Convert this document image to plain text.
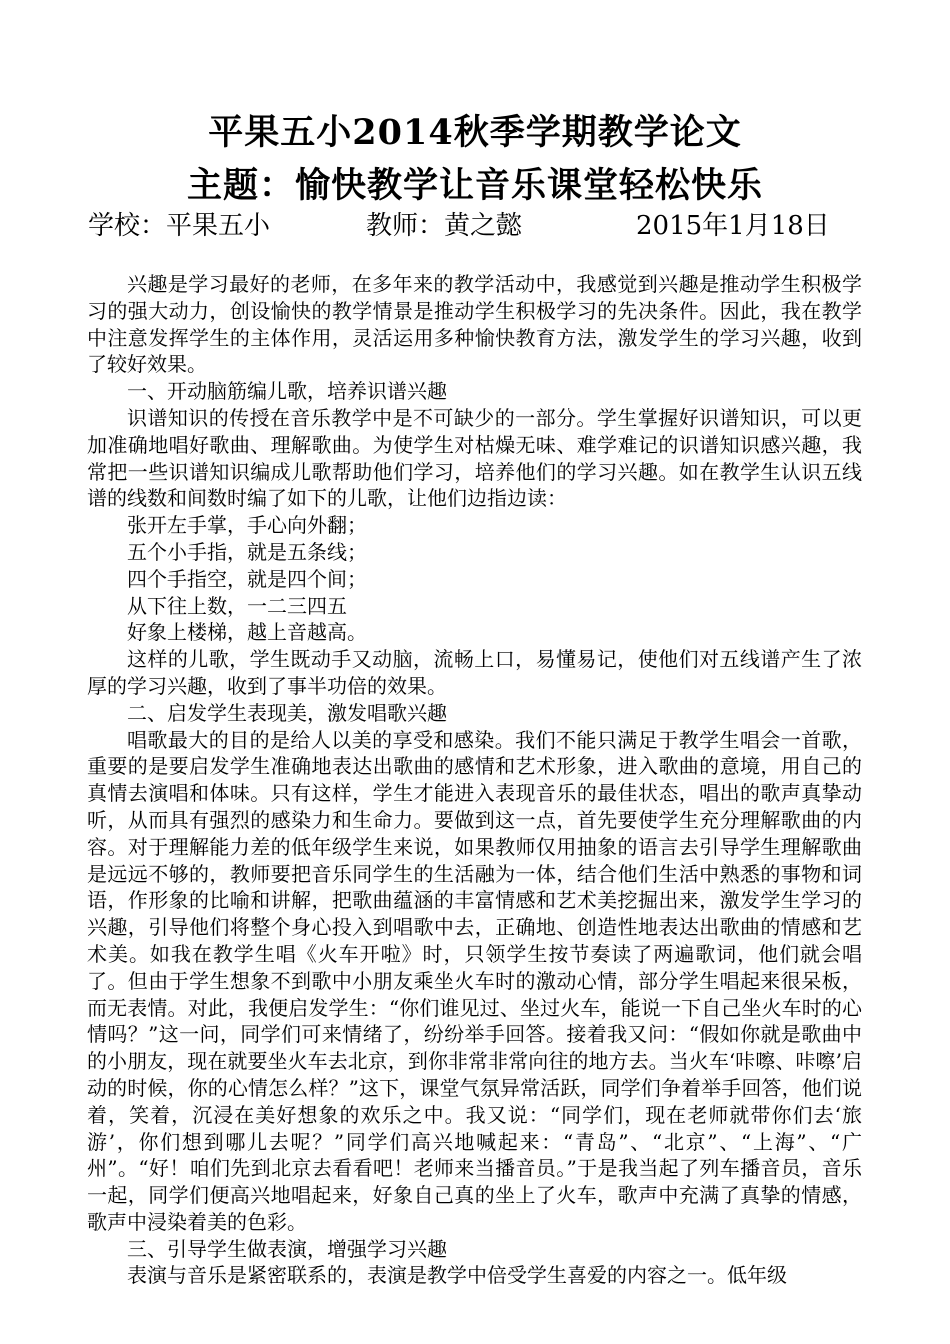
平果五小2014秋季学期教学论文
主题：愉快教学让音乐课堂轻松快乐
学校：平果五小	教师：黄之懿	2015年1月18日

兴趣是学习最好的老师，在多年来的教学活动中，我感觉到兴趣是推动学生积极学习的强大动力，创设愉快的教学情景是推动学生积极学习的先决条件。因此，我在教学中注意发挥学生的主体作用，灵活运用多种愉快教育方法，激发学生的学习兴趣，收到了较好效果。

一、开动脑筋编儿歌，培养识谱兴趣

识谱知识的传授在音乐教学中是不可缺少的一部分。学生掌握好识谱知识，可以更加准确地唱好歌曲、理解歌曲。为使学生对枯燥无味、难学难记的识谱知识感兴趣，我常把一些识谱知识编成儿歌帮助他们学习，培养他们的学习兴趣。如在教学生认识五线谱的线数和间数时编了如下的儿歌，让他们边指边读：

张开左手掌，手心向外翻；

五个小手指，就是五条线；

四个手指空，就是四个间；

从下往上数，一二三四五

好象上楼梯，越上音越高。

这样的儿歌，学生既动手又动脑，流畅上口，易懂易记，使他们对五线谱产生了浓厚的学习兴趣，收到了事半功倍的效果。

二、启发学生表现美，激发唱歌兴趣

唱歌最大的目的是给人以美的享受和感染。我们不能只满足于教学生唱会一首歌，重要的是要启发学生准确地表达出歌曲的感情和艺术形象，进入歌曲的意境，用自己的真情去演唱和体味。只有这样，学生才能进入表现音乐的最佳状态，唱出的歌声真挚动听，从而具有强烈的感染力和生命力。要做到这一点，首先要使学生充分理解歌曲的内容。对于理解能力差的低年级学生来说，如果教师仅用抽象的语言去引导学生理解歌曲是远远不够的，教师要把音乐同学生的生活融为一体，结合他们生活中熟悉的事物和词语，作形象的比喻和讲解，把歌曲蕴涵的丰富情感和艺术美挖掘出来，激发学生学习的兴趣，引导他们将整个身心投入到唱歌中去，正确地、创造性地表达出歌曲的情感和艺术美。如我在教学生唱《火车开啦》时，只领学生按节奏读了两遍歌词，他们就会唱了。但由于学生想象不到歌中小朋友乘坐火车时的激动心情，部分学生唱起来很呆板，而无表情。对此，我便启发学生：“你们谁见过、坐过火车，能说一下自己坐火车时的心情吗？”这一问，同学们可来情绪了，纷纷举手回答。接着我又问：“假如你就是歌曲中的小朋友，现在就要坐火车去北京，到你非常非常向往的地方去。当火车‘咔嚓、咔嚓’启动的时候，你的心情怎么样？”这下，课堂气氛异常活跃，同学们争着举手回答，他们说着，笑着，沉浸在美好想象的欢乐之中。我又说：“同学们，现在老师就带你们去‘旅游’，你们想到哪儿去呢？”同学们高兴地喊起来：“青岛”、“北京”、“上海”、“广州”。“好！咱们先到北京去看看吧！老师来当播音员。”于是我当起了列车播音员，音乐一起，同学们便高兴地唱起来，好象自己真的坐上了火车，歌声中充满了真挚的情感，歌声中浸染着美的色彩。

三、引导学生做表演，增强学习兴趣

表演与音乐是紧密联系的，表演是教学中倍受学生喜爱的内容之一。低年级
